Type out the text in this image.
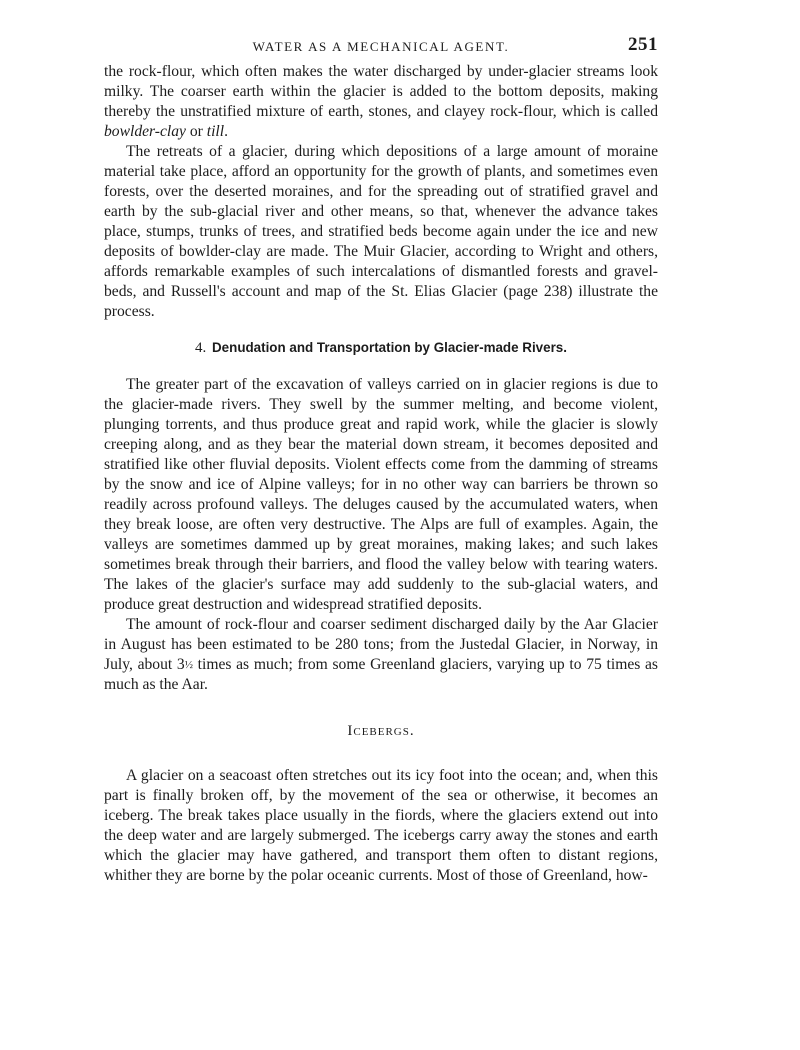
WATER AS A MECHANICAL AGENT.	251

the rock-flour, which often makes the water discharged by under-glacier streams look milky. The coarser earth within the glacier is added to the bottom deposits, making thereby the unstratified mixture of earth, stones, and clayey rock-flour, which is called bowlder-clay or till.

The retreats of a glacier, during which depositions of a large amount of moraine material take place, afford an opportunity for the growth of plants, and sometimes even forests, over the deserted moraines, and for the spreading out of stratified gravel and earth by the sub-glacial river and other means, so that, whenever the advance takes place, stumps, trunks of trees, and stratified beds become again under the ice and new deposits of bowlder-clay are made. The Muir Glacier, according to Wright and others, affords remarkable examples of such intercalations of dismantled forests and gravel-beds, and Russell's account and map of the St. Elias Glacier (page 238) illustrate the process.

4. Denudation and Transportation by Glacier-made Rivers.

The greater part of the excavation of valleys carried on in glacier regions is due to the glacier-made rivers. They swell by the summer melting, and become violent, plunging torrents, and thus produce great and rapid work, while the glacier is slowly creeping along, and as they bear the material down stream, it becomes deposited and stratified like other fluvial deposits. Violent effects come from the damming of streams by the snow and ice of Alpine valleys; for in no other way can barriers be thrown so readily across profound valleys. The deluges caused by the accumulated waters, when they break loose, are often very destructive. The Alps are full of examples. Again, the valleys are sometimes dammed up by great moraines, making lakes; and such lakes sometimes break through their barriers, and flood the valley below with tearing waters. The lakes of the glacier's surface may add suddenly to the sub-glacial waters, and produce great destruction and widespread stratified deposits.

The amount of rock-flour and coarser sediment discharged daily by the Aar Glacier in August has been estimated to be 280 tons; from the Justedal Glacier, in Norway, in July, about 3½ times as much; from some Greenland glaciers, varying up to 75 times as much as the Aar.

Icebergs.

A glacier on a seacoast often stretches out its icy foot into the ocean; and, when this part is finally broken off, by the movement of the sea or otherwise, it becomes an iceberg. The break takes place usually in the fiords, where the glaciers extend out into the deep water and are largely submerged. The icebergs carry away the stones and earth which the glacier may have gathered, and transport them often to distant regions, whither they are borne by the polar oceanic currents. Most of those of Greenland, how-
